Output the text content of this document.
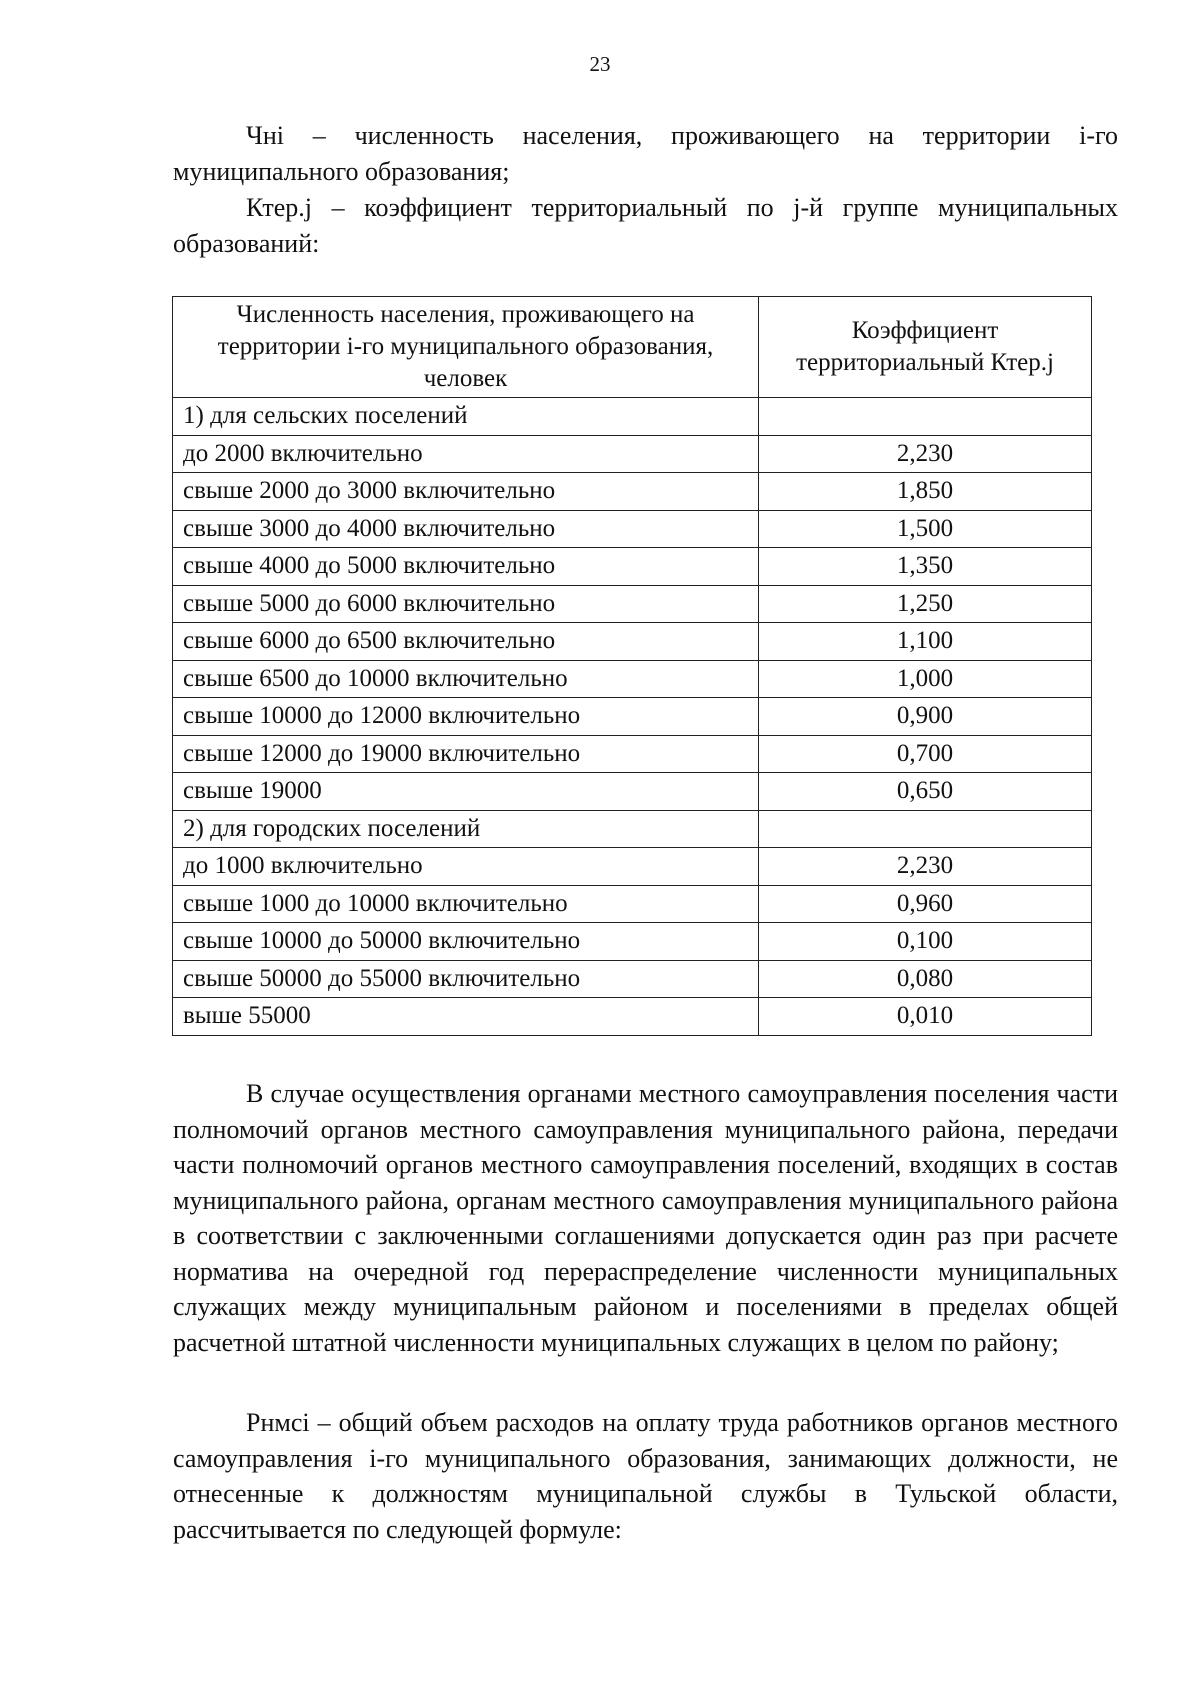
23

Чнi – численность населения, проживающего на территории i-го муниципального образования;

Ктер.j – коэффициент территориальный по j-й группе муниципальных образований:

Численность населения, проживающего на территории i-го муниципального образования, человек	Коэффициент территориальный Ктер.j
1) для сельских поселений	
до 2000 включительно	2,230
свыше 2000 до 3000 включительно	1,850
свыше 3000 до 4000 включительно	1,500
свыше 4000 до 5000 включительно	1,350
свыше 5000 до 6000 включительно	1,250
свыше 6000 до 6500 включительно	1,100
свыше 6500 до 10000 включительно	1,000
свыше 10000 до 12000 включительно	0,900
свыше 12000 до 19000 включительно	0,700
свыше 19000	0,650
2) для городских поселений	
до 1000 включительно	2,230
свыше 1000 до 10000 включительно	0,960
свыше 10000 до 50000 включительно	0,100
свыше 50000 до 55000 включительно	0,080
выше 55000	0,010

В случае осуществления органами местного самоуправления поселения части полномочий органов местного самоуправления муниципального района, передачи части полномочий органов местного самоуправления поселений, входящих в состав муниципального района, органам местного самоуправления муниципального района в соответствии с заключенными соглашениями допускается один раз при расчете норматива на очередной год перераспределение численности муниципальных служащих между муниципальным районом и поселениями в пределах общей расчетной штатной численности муниципальных служащих в целом по району;

Рнмсi – общий объем расходов на оплату труда работников органов местного самоуправления i-го муниципального образования, занимающих должности, не отнесенные к должностям муниципальной службы в Тульской области, рассчитывается по следующей формуле:
